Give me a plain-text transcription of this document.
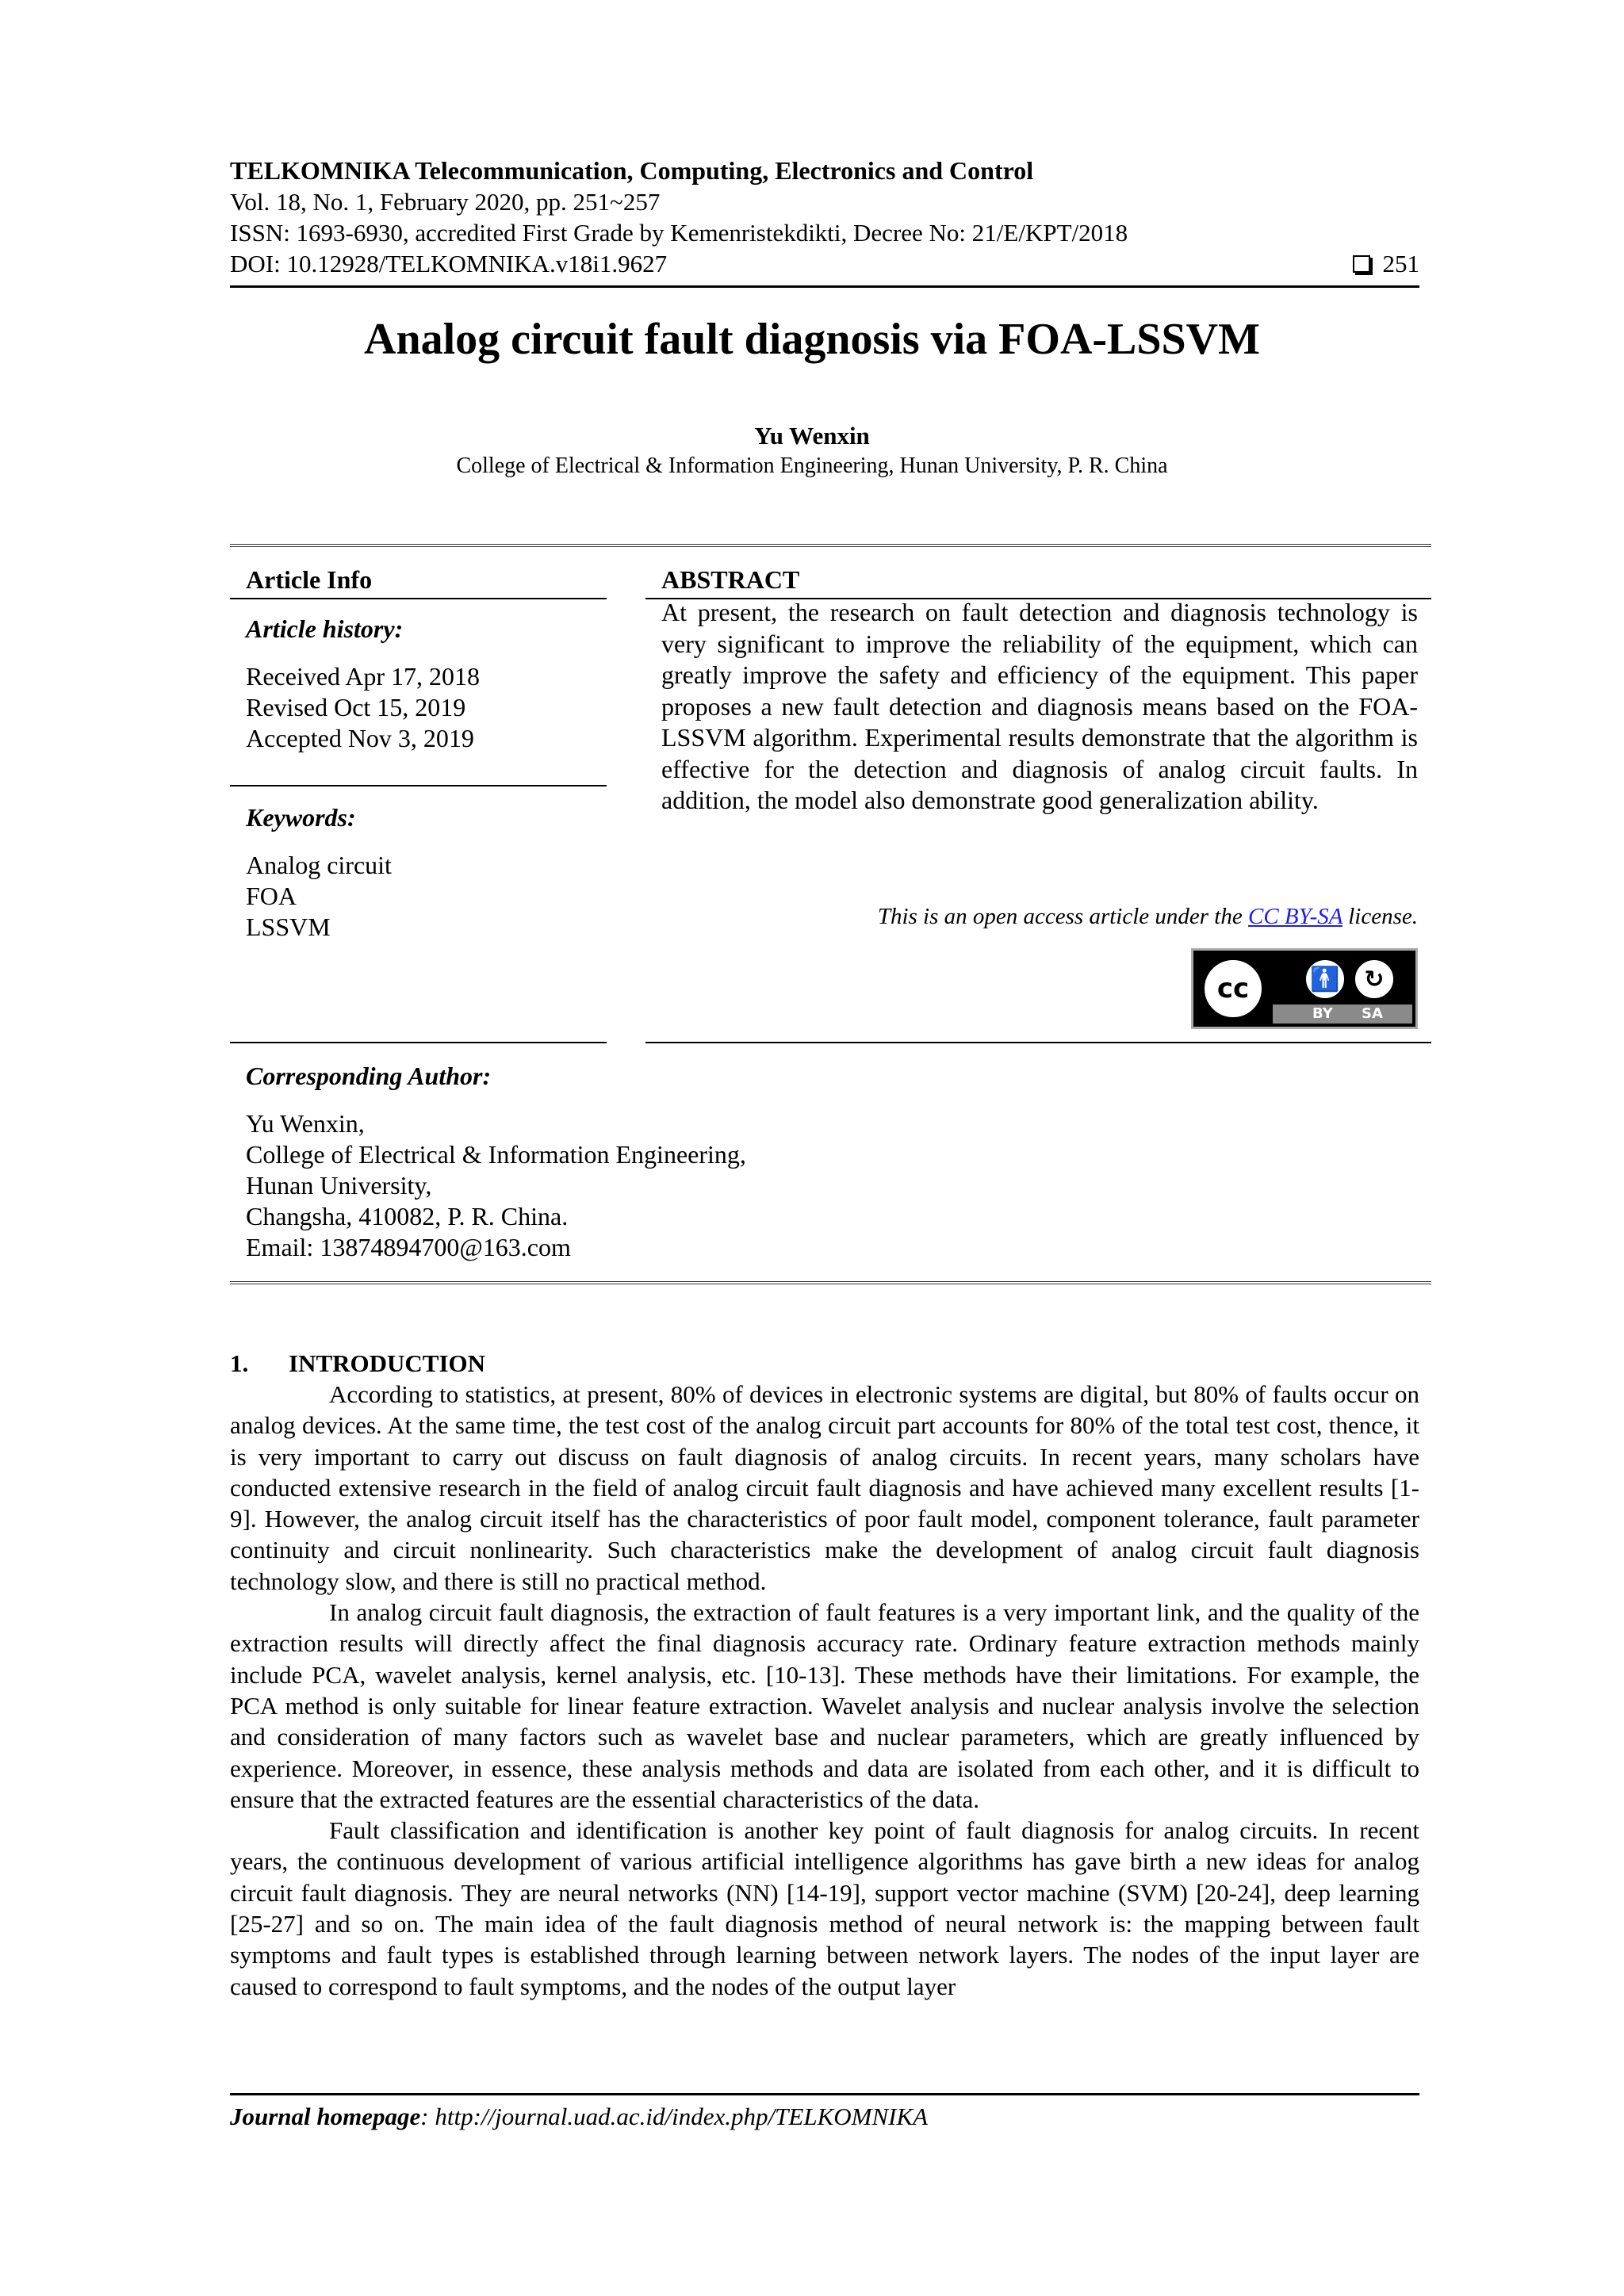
TELKOMNIKA Telecommunication, Computing, Electronics and Control
Vol. 18, No. 1, February 2020, pp. 251~257
ISSN: 1693-6930, accredited First Grade by Kemenristekdikti, Decree No: 21/E/KPT/2018
DOI: 10.12928/TELKOMNIKA.v18i1.9627	251
Analog circuit fault diagnosis via FOA-LSSVM
Yu Wenxin
College of Electrical & Information Engineering, Hunan University, P. R. China
Article Info
Article history:
Received Apr 17, 2018
Revised Oct 15, 2019
Accepted Nov 3, 2019
Keywords:
Analog circuit
FOA
LSSVM
ABSTRACT
At present, the research on fault detection and diagnosis technology is very significant to improve the reliability of the equipment, which can greatly improve the safety and efficiency of the equipment. This paper proposes a new fault detection and diagnosis means based on the FOA-LSSVM algorithm. Experimental results demonstrate that the algorithm is effective for the detection and diagnosis of analog circuit faults. In addition, the model also demonstrate good generalization ability.
This is an open access article under the CC BY-SA license.
cc	🚹	↻
BY SA
Corresponding Author:
Yu Wenxin,
College of Electrical & Information Engineering,
Hunan University,
Changsha, 410082, P. R. China.
Email: 13874894700@163.com
1. INTRODUCTION

According to statistics, at present, 80% of devices in electronic systems are digital, but 80% of faults occur on analog devices. At the same time, the test cost of the analog circuit part accounts for 80% of the total test cost, thence, it is very important to carry out discuss on fault diagnosis of analog circuits. In recent years, many scholars have conducted extensive research in the field of analog circuit fault diagnosis and have achieved many excellent results [1-9]. However, the analog circuit itself has the characteristics of poor fault model, component tolerance, fault parameter continuity and circuit nonlinearity. Such characteristics make the development of analog circuit fault diagnosis technology slow, and there is still no practical method.

In analog circuit fault diagnosis, the extraction of fault features is a very important link, and the quality of the extraction results will directly affect the final diagnosis accuracy rate. Ordinary feature extraction methods mainly include PCA, wavelet analysis, kernel analysis, etc. [10-13]. These methods have their limitations. For example, the PCA method is only suitable for linear feature extraction. Wavelet analysis and nuclear analysis involve the selection and consideration of many factors such as wavelet base and nuclear parameters, which are greatly influenced by experience. Moreover, in essence, these analysis methods and data are isolated from each other, and it is difficult to ensure that the extracted features are the essential characteristics of the data.

Fault classification and identification is another key point of fault diagnosis for analog circuits. In recent years, the continuous development of various artificial intelligence algorithms has gave birth a new ideas for analog circuit fault diagnosis. They are neural networks (NN) [14-19], support vector machine (SVM) [20-24], deep learning [25-27] and so on. The main idea of the fault diagnosis method of neural network is: the mapping between fault symptoms and fault types is established through learning between network layers. The nodes of the input layer are caused to correspond to fault symptoms, and the nodes of the output layer

Journal homepage: http://journal.uad.ac.id/index.php/TELKOMNIKA
